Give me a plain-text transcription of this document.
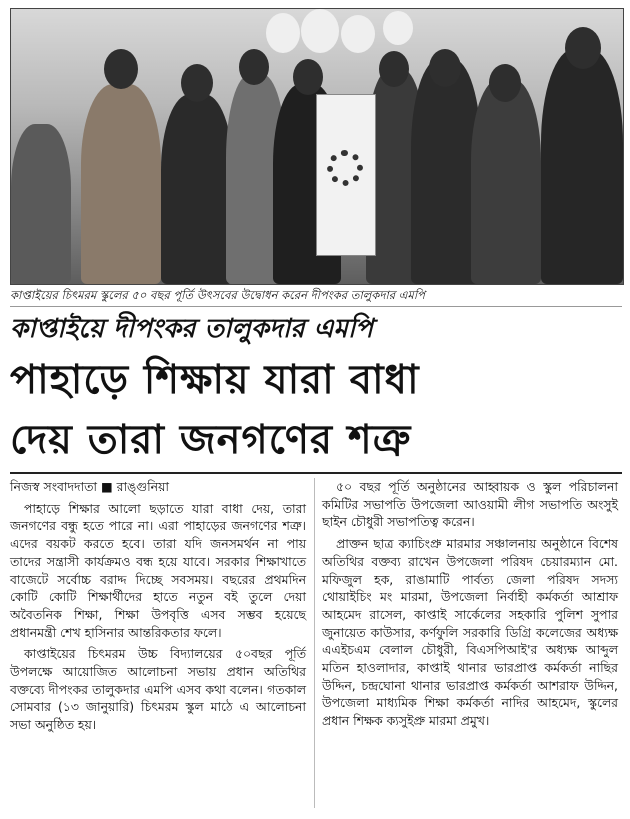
কাপ্তাইয়ের চিৎমরম স্কুলের ৫০ বছর পূর্তি উৎসবের উদ্বোধন করেন দীপংকর তালুকদার এমপি
কাপ্তাইয়ে দীপংকর তালুকদার এমপি
পাহাড়ে শিক্ষায় যারা বাধা
দেয় তারা জনগণের শত্রু

নিজস্ব সংবাদদাতা ■ রাঙ্গুনিয়া

পাহাড়ে শিক্ষার আলো ছড়াতে যারা বাধা দেয়, তারা জনগণের বন্ধু হতে পারে না। এরা পাহাড়ের জনগণের শত্রু। এদের বয়কট করতে হবে। তারা যদি জনসমর্থন না পায় তাদের সন্ত্রাসী কার্যক্রমও বন্ধ হয়ে যাবে। সরকার শিক্ষাখাতে বাজেটে সর্বোচ্চ বরাদ্দ দিচ্ছে সবসময়। বছরের প্রথমদিন কোটি কোটি শিক্ষার্থীদের হাতে নতুন বই তুলে দেয়া অবৈতনিক শিক্ষা, শিক্ষা উপবৃত্তি এসব সম্ভব হয়েছে প্রধানমন্ত্রী শেখ হাসিনার আন্তরিকতার ফলে।

কাপ্তাইয়ের চিৎমরম উচ্চ বিদ্যালয়ের ৫০বছর পূর্তি উপলক্ষে আয়োজিত আলোচনা সভায় প্রধান অতিথির বক্তব্যে দীপংকর তালুকদার এমপি এসব কথা বলেন। গতকাল সোমবার (১৩ জানুয়ারি) চিৎমরম স্কুল মাঠে এ আলোচনা সভা অনুষ্ঠিত হয়।

৫০ বছর পূর্তি অনুষ্ঠানের আহ্বায়ক ও স্কুল পরিচালনা কমিটির সভাপতি উপজেলা আওয়ামী লীগ সভাপতি অংসুই ছাইন চৌধুরী সভাপতিত্ব করেন।

প্রাক্তন ছাত্র ক্যাচিংপ্রু মারমার সঞ্চালনায় অনুষ্ঠানে বিশেষ অতিথির বক্তব্য রাখেন উপজেলা পরিষদ চেয়ারম্যান মো. মফিজুল হক, রাঙামাটি পার্বত্য জেলা পরিষদ সদস্য থোয়াইচিং মং মারমা, উপজেলা নির্বাহী কর্মকর্তা আশ্রাফ আহমেদ রাসেল, কাপ্তাই সার্কেলের সহকারি পুলিশ সুপার জুনায়েত কাউসার, কর্ণফুলি সরকারি ডিগ্রি কলেজের অধ্যক্ষ এএইচএম বেলাল চৌধুরী, বিএসপিআই'র অধ্যক্ষ আব্দুল মতিন হাওলাদার, কাপ্তাই থানার ভারপ্রাপ্ত কর্মকর্তা নাছির উদ্দিন, চন্দ্রঘোনা থানার ভারপ্রাপ্ত কর্মকর্তা আশরাফ উদ্দিন, উপজেলা মাধ্যমিক শিক্ষা কর্মকর্তা নাদির আহমেদ, স্কুলের প্রধান শিক্ষক ক্যসুইপ্রু মারমা প্রমুখ।
